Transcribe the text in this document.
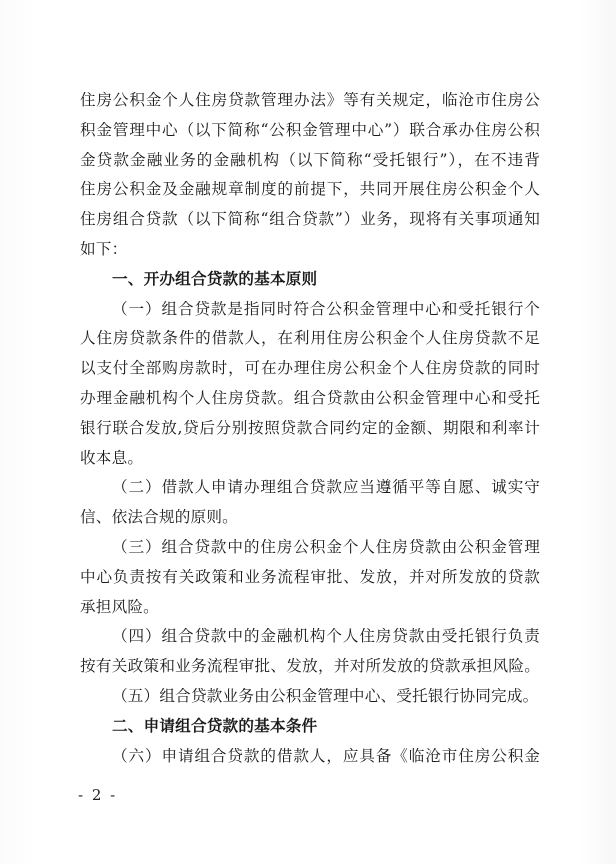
住房公积金个人住房贷款管理办法》等有关规定，临沧市住房公
积金管理中心（以下简称“公积金管理中心”）联合承办住房公积
金贷款金融业务的金融机构（以下简称“受托银行”），在不违背
住房公积金及金融规章制度的前提下，共同开展住房公积金个人
住房组合贷款（以下简称“组合贷款”）业务，现将有关事项通知
如下：
一、开办组合贷款的基本原则
（一）组合贷款是指同时符合公积金管理中心和受托银行个
人住房贷款条件的借款人，在利用住房公积金个人住房贷款不足
以支付全部购房款时，可在办理住房公积金个人住房贷款的同时
办理金融机构个人住房贷款。组合贷款由公积金管理中心和受托
银行联合发放,贷后分别按照贷款合同约定的金额、期限和利率计
收本息。
（二）借款人申请办理组合贷款应当遵循平等自愿、诚实守
信、依法合规的原则。
（三）组合贷款中的住房公积金个人住房贷款由公积金管理
中心负责按有关政策和业务流程审批、发放，并对所发放的贷款
承担风险。
（四）组合贷款中的金融机构个人住房贷款由受托银行负责
按有关政策和业务流程审批、发放，并对所发放的贷款承担风险。
（五）组合贷款业务由公积金管理中心、受托银行协同完成。
二、申请组合贷款的基本条件
（六）申请组合贷款的借款人，应具备《临沧市住房公积金
- 2 -
